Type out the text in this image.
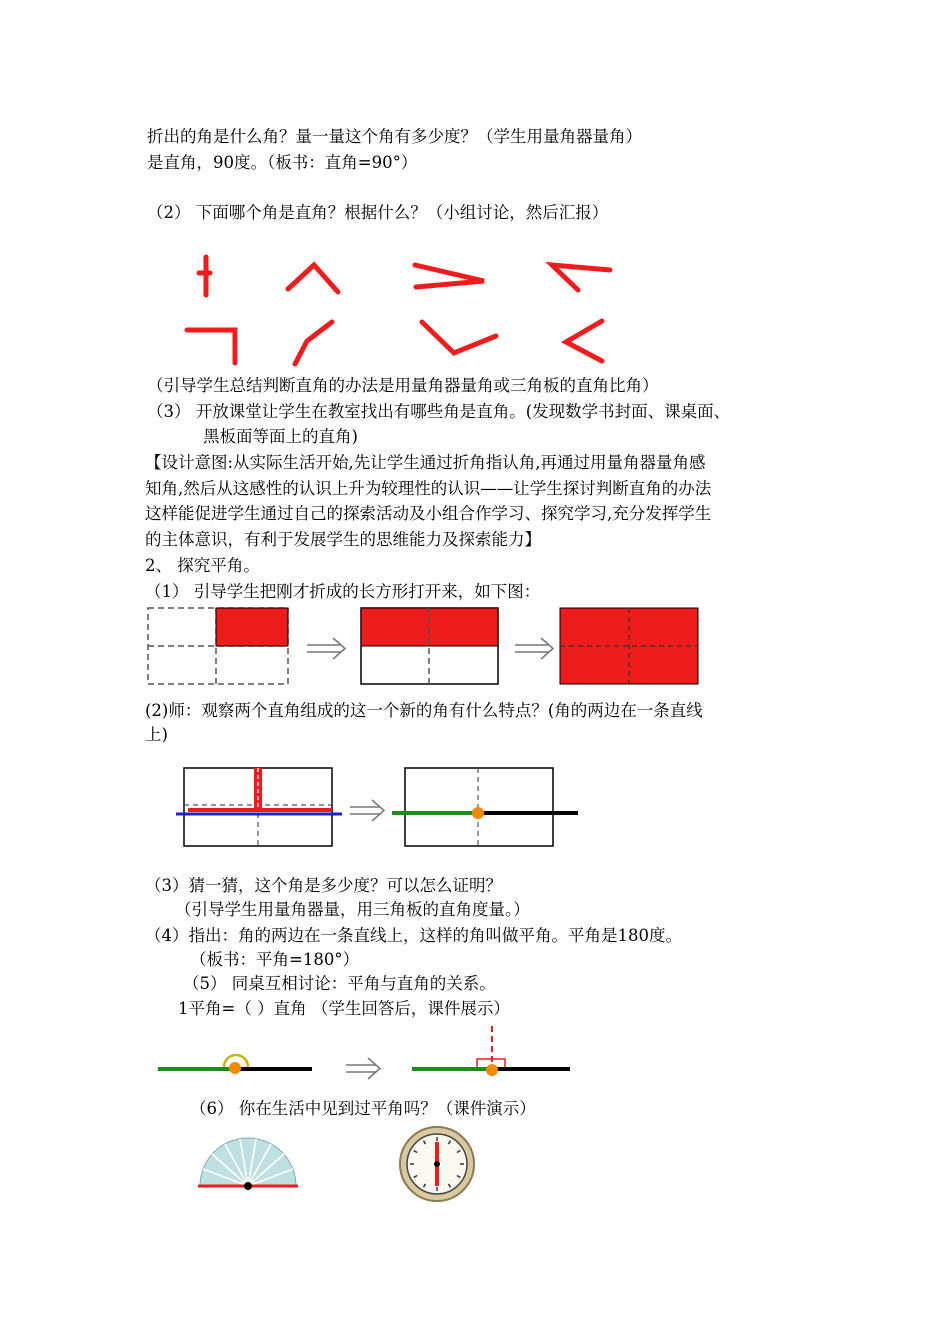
折出的角是什么角？量一量这个角有多少度？（学生用量角器量角）
是直角，90度。（板书：直角=90°）
（2） 下面哪个角是直角？根据什么？（小组讨论，然后汇报）
（引导学生总结判断直角的办法是用量角器量角或三角板的直角比角）
（3） 开放课堂让学生在教室找出有哪些角是直角。(发现数学书封面、课桌面、
黑板面等面上的直角)
【设计意图:从实际生活开始,先让学生通过折角指认角,再通过用量角器量角感
知角,然后从这感性的认识上升为较理性的认识——让学生探讨判断直角的办法
这样能促进学生通过自己的探索活动及小组合作学习、探究学习,充分发挥学生
的主体意识，有利于发展学生的思维能力及探索能力】
2、 探究平角。
（1） 引导学生把刚才折成的长方形打开来，如下图：
(2)师：观察两个直角组成的这一个新的角有什么特点？(角的两边在一条直线
上)
（3）猜一猜，这个角是多少度？可以怎么证明？
（引导学生用量角器量，用三角板的直角度量。）
（4）指出：角的两边在一条直线上，这样的角叫做平角。平角是180度。
（板书：平角=180°）
（5） 同桌互相讨论：平角与直角的关系。
1平角=（ ）直角 （学生回答后，课件展示）
（6） 你在生活中见到过平角吗？（课件演示）
